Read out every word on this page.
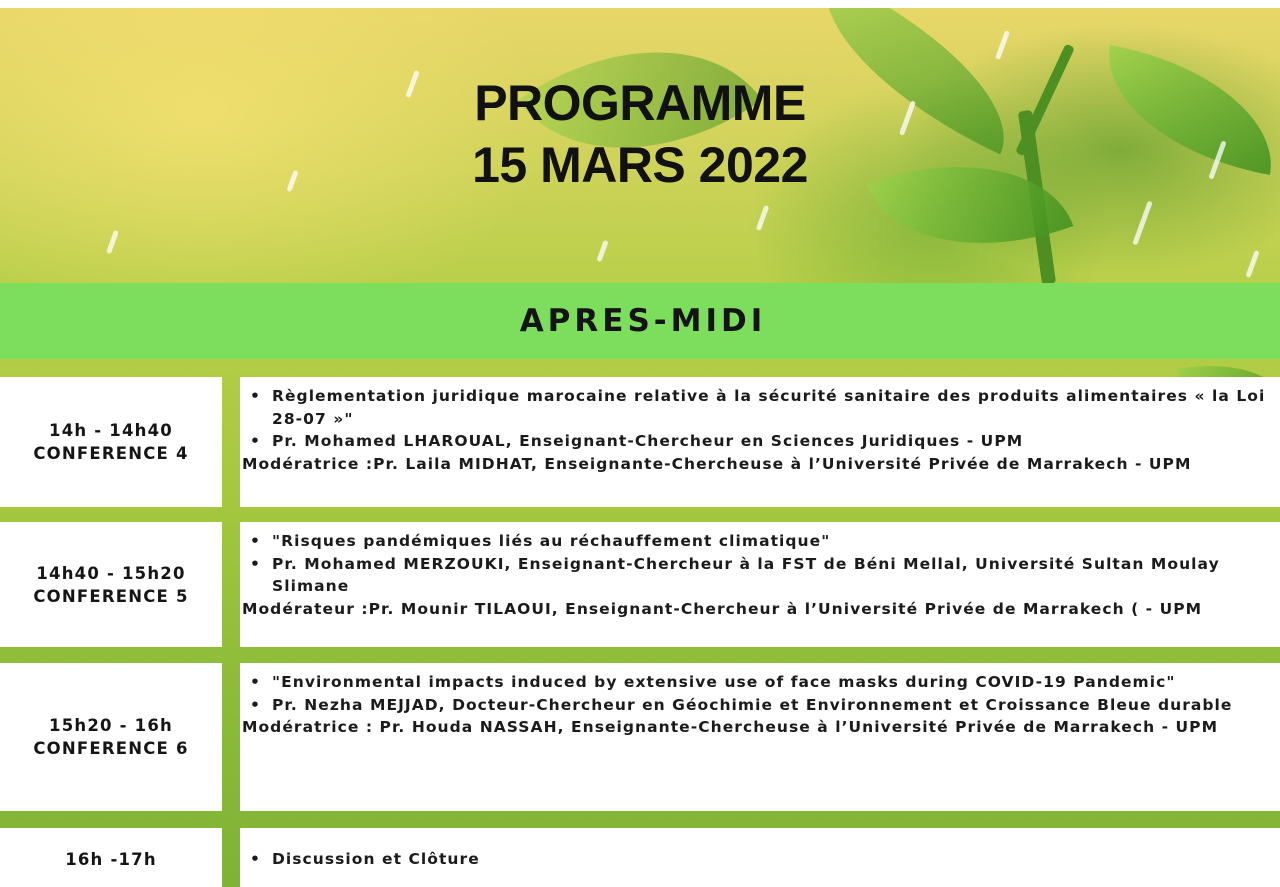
PROGRAMME
15 MARS 2022
APRES-MIDI
14h - 14h40
CONFERENCE 4
• Règlementation juridique marocaine relative à la sécurité sanitaire des produits alimentaires « la Loi 28-07 »"
• Pr. Mohamed LHAROUAL, Enseignant-Chercheur en Sciences Juridiques - UPM
Modératrice :Pr. Laila MIDHAT, Enseignante-Chercheuse à l’Université Privée de Marrakech - UPM
14h40 - 15h20
CONFERENCE 5
• "Risques pandémiques liés au réchauffement climatique"
• Pr. Mohamed MERZOUKI, Enseignant-Chercheur à la FST de Béni Mellal, Université Sultan Moulay Slimane
Modérateur :Pr. Mounir TILAOUI, Enseignant-Chercheur à l’Université Privée de Marrakech ( - UPM
15h20 - 16h
CONFERENCE 6
• "Environmental impacts induced by extensive use of face masks during COVID-19 Pandemic"
• Pr. Nezha MEJJAD, Docteur-Chercheur en Géochimie et Environnement et Croissance Bleue durable
Modératrice : Pr. Houda NASSAH, Enseignante-Chercheuse à l’Université Privée de Marrakech - UPM
16h -17h
•	Discussion et Clôture
